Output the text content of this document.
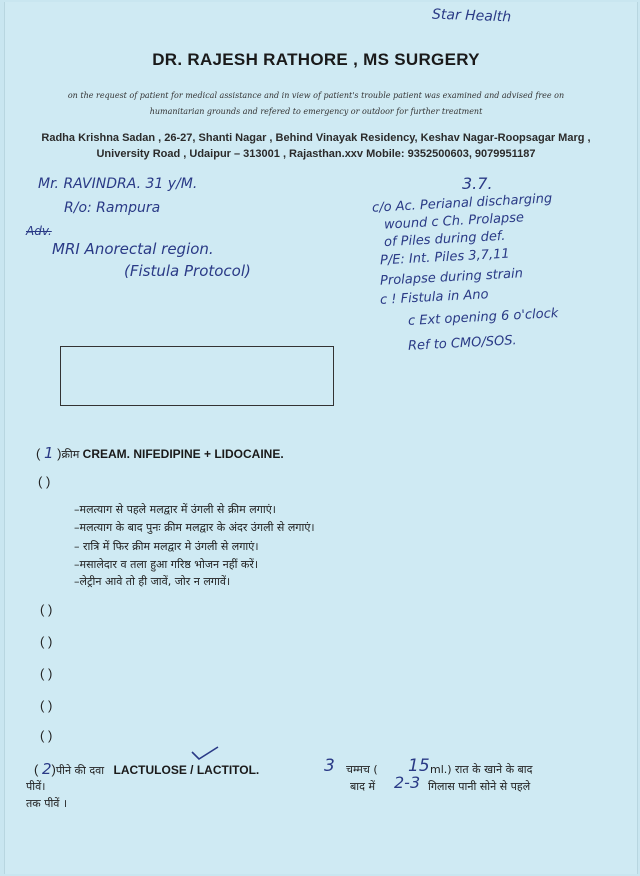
Star Health
DR. RAJESH RATHORE , MS SURGERY
on the request of patient for medical assistance and in view of patient's trouble patient was examined and advised free on humanitarian grounds and refered to emergency or outdoor for further treatment
Radha Krishna Sadan , 26-27, Shanti Nagar , Behind Vinayak Residency, Keshav Nagar-Roopsagar Marg , University Road , Udaipur – 313001 , Rajasthan.xxv Mobile: 9352500603, 9079951187
Mr. RAVINDRA. 31 y/M.
R/o: Rampura
Adv.
MRI Anorectal region.
(Fistula Protocol)
3.7.
c/o Ac. Perianal discharging
wound c Ch. Prolapse
of Piles during def.
P/E: Int. Piles 3,7,11
Prolapse during strain
c ! Fistula in Ano
c Ext opening 6 o'clock
Ref to CMO/SOS.
( 1 )क्रीम CREAM. NIFEDIPINE + LIDOCAINE.
( )
–मलत्याग से पहले मलद्वार में उंगली से क्रीम लगाएं।
–मलत्याग के बाद पुनः क्रीम मलद्वार के अंदर उंगली से लगाएं।
– रात्रि में फिर क्रीम मलद्वार मे उंगली से लगाएं।
–मसालेदार व तला हुआ गरिष्ठ भोजन नहीं करें।
–लेट्रीन आवे तो ही जावें, जोर न लगावें।
( )
( )
( )
( )
( )
( 2)पीने की दवा LACTULOSE / LACTITOL.	3 चम्मच ( 15 ml.) रात के खाने के बाद
पीवें।	बाद में 2-3 गिलास पानी सोने से पहले
तक पीवें ।
